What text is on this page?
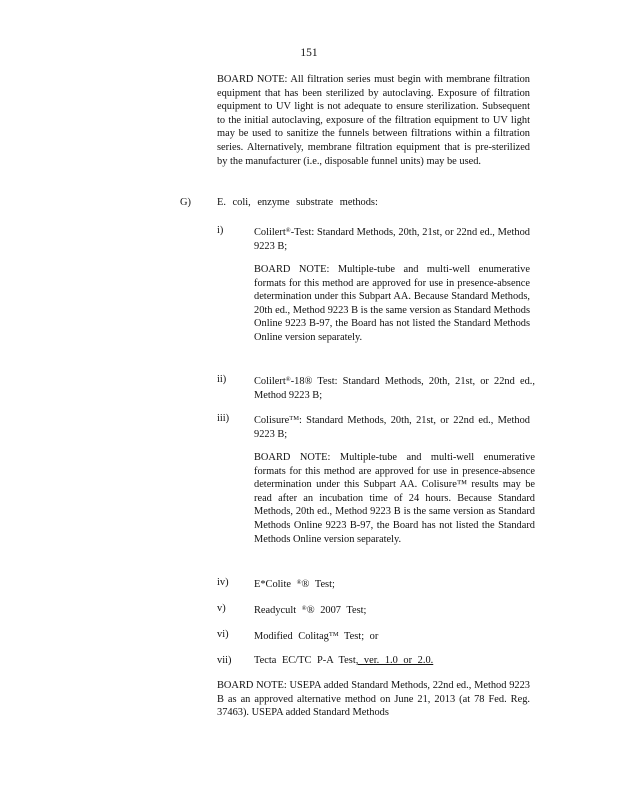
151
BOARD NOTE: All filtration series must begin with membrane filtration equipment that has been sterilized by autoclaving. Exposure of filtration equipment to UV light is not adequate to ensure sterilization. Subsequent to the initial autoclaving, exposure of the filtration equipment to UV light may be used to sanitize the funnels between filtrations within a filtration series. Alternatively, membrane filtration equipment that is pre-sterilized by the manufacturer (i.e., disposable funnel units) may be used.
G)	E. coli, enzyme substrate methods:
i)	Colilert®-Test: Standard Methods, 20th, 21st, or 22nd ed., Method 9223 B;
BOARD NOTE: Multiple-tube and multi-well enumerative formats for this method are approved for use in presence-absence determination under this Subpart AA. Because Standard Methods, 20th ed., Method 9223 B is the same version as Standard Methods Online 9223 B-97, the Board has not listed the Standard Methods Online version separately.
ii)	Colilert®-18® Test: Standard Methods, 20th, 21st, or 22nd ed., Method 9223 B;
iii) Colisure™: Standard Methods, 20th, 21st, or 22nd ed., Method 9223 B;
BOARD NOTE: Multiple-tube and multi-well enumerative formats for this method are approved for use in presence-absence determination under this Subpart AA. Colisure™ results may be read after an incubation time of 24 hours. Because Standard Methods, 20th ed., Method 9223 B is the same version as Standard Methods Online 9223 B-97, the Board has not listed the Standard Methods Online version separately.
iv) E*Colite ®® Test;
v)	Readycult ®® 2007 Test;
vi) Modified Colitag™ Test; or
vii) Tecta EC/TC P-A Test, ver. 1.0 or 2.0.
BOARD NOTE: USEPA added Standard Methods, 22nd ed., Method 9223 B as an approved alternative method on June 21, 2013 (at 78 Fed. Reg. 37463). USEPA added Standard Methods
